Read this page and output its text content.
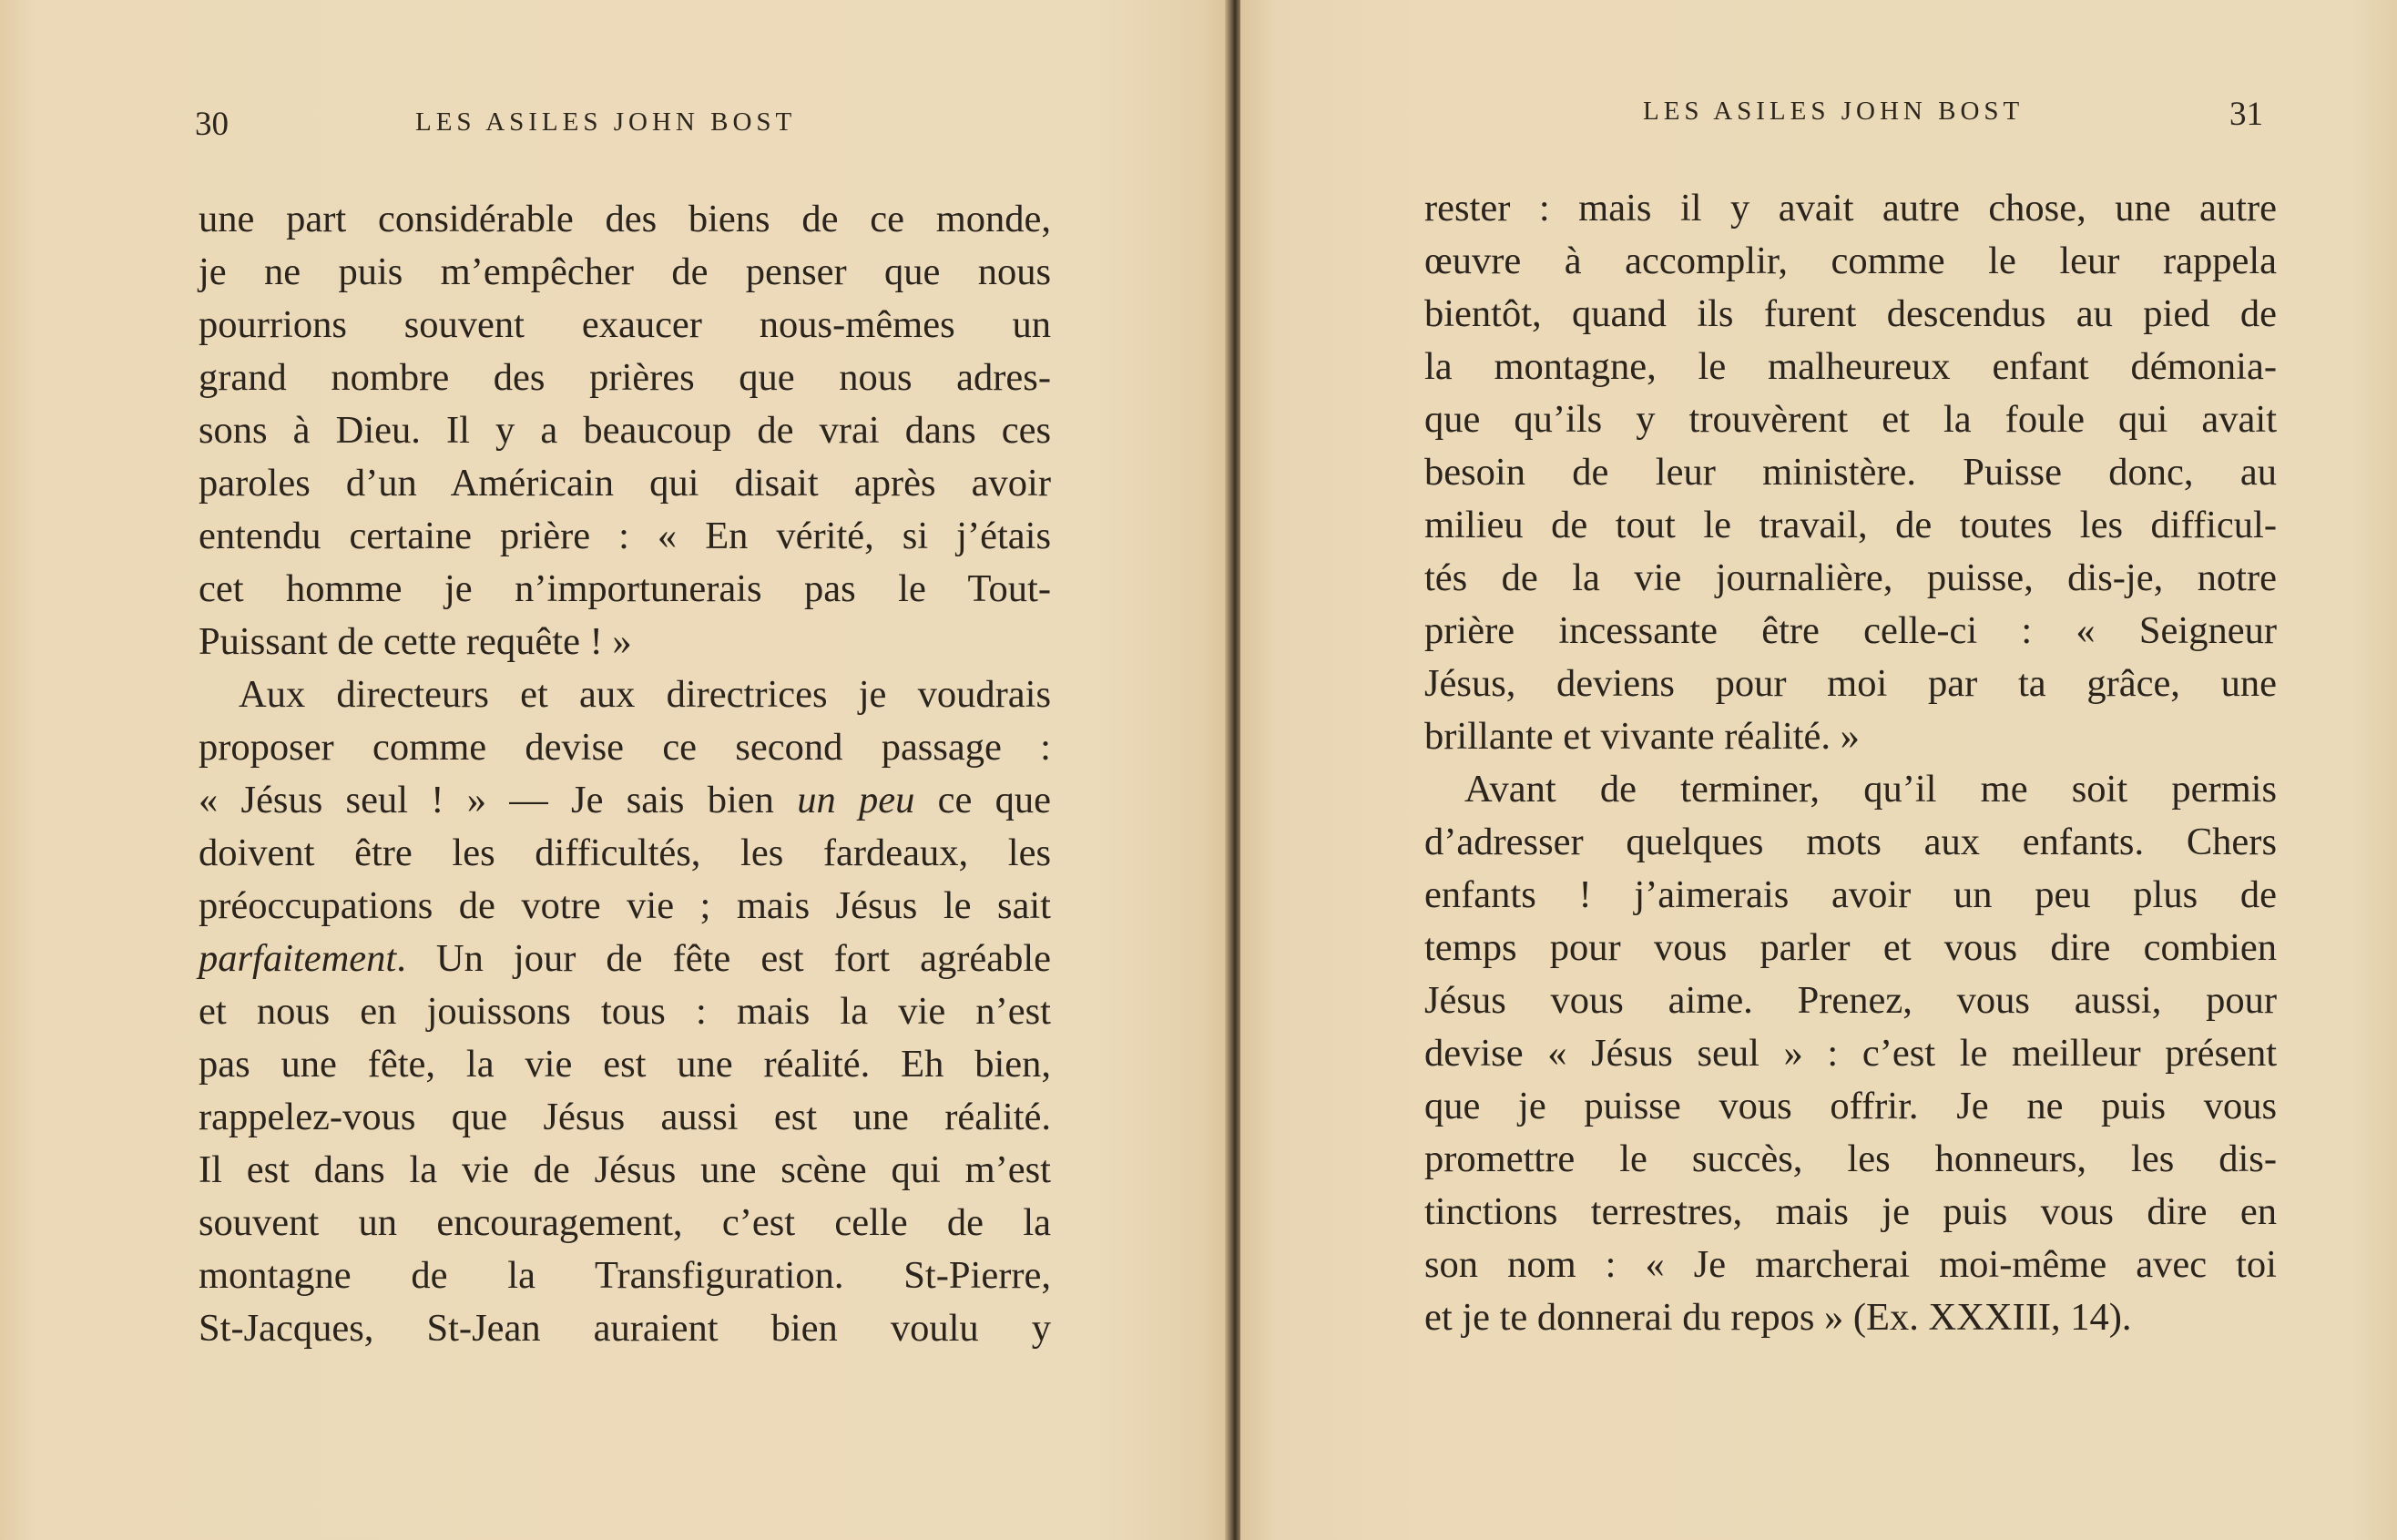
30	LES ASILES JOHN BOST
une part considérable des biens de ce monde,
je ne puis m’empêcher de penser que nous
pourrions souvent exaucer nous-mêmes un
grand nombre des prières que nous adres-
sons à Dieu. Il y a beaucoup de vrai dans ces
paroles d’un Américain qui disait après avoir
entendu certaine prière : « En vérité, si j’étais
cet homme je n’importunerais pas le Tout-
Puissant de cette requête ! »
Aux directeurs et aux directrices je voudrais
proposer comme devise ce second passage :
« Jésus seul ! » — Je sais bien un peu ce que
doivent être les difficultés, les fardeaux, les
préoccupations de votre vie ; mais Jésus le sait
parfaitement. Un jour de fête est fort agréable
et nous en jouissons tous : mais la vie n’est
pas une fête, la vie est une réalité. Eh bien,
rappelez-vous que Jésus aussi est une réalité.
Il est dans la vie de Jésus une scène qui m’est
souvent un encouragement, c’est celle de la
montagne de la Transfiguration. St-Pierre,
St-Jacques, St-Jean auraient bien voulu y
LES ASILES JOHN BOST	31
rester : mais il y avait autre chose, une autre
œuvre à accomplir, comme le leur rappela
bientôt, quand ils furent descendus au pied de
la montagne, le malheureux enfant démonia-
que qu’ils y trouvèrent et la foule qui avait
besoin de leur ministère. Puisse donc, au
milieu de tout le travail, de toutes les difficul-
tés de la vie journalière, puisse, dis-je, notre
prière incessante être celle-ci : « Seigneur
Jésus, deviens pour moi par ta grâce, une
brillante et vivante réalité. »
Avant de terminer, qu’il me soit permis
d’adresser quelques mots aux enfants. Chers
enfants ! j’aimerais avoir un peu plus de
temps pour vous parler et vous dire combien
Jésus vous aime. Prenez, vous aussi, pour
devise « Jésus seul » : c’est le meilleur présent
que je puisse vous offrir. Je ne puis vous
promettre le succès, les honneurs, les dis-
tinctions terrestres, mais je puis vous dire en
son nom : « Je marcherai moi-même avec toi
et je te donnerai du repos » (Ex. XXXIII, 14).
